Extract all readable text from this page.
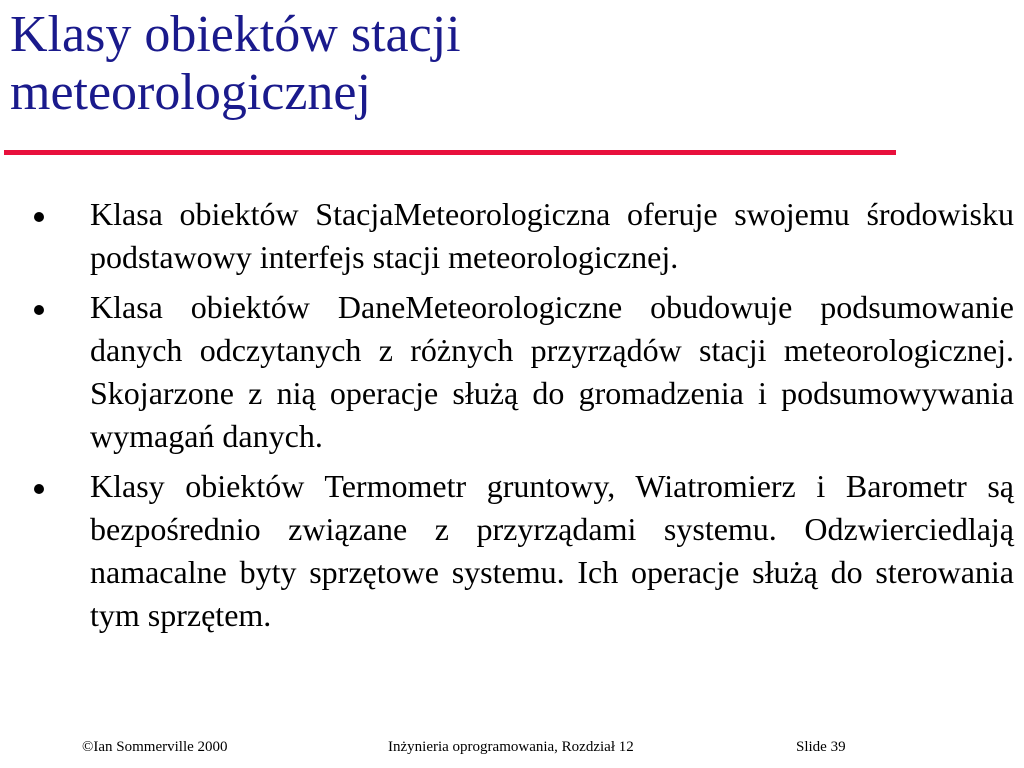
Klasy obiektów stacji
meteorologicznej
Klasa obiektów StacjaMeteorologiczna oferuje swojemu środowisku podstawowy interfejs stacji meteorologicznej.
Klasa obiektów DaneMeteorologiczne obudowuje podsumowanie danych odczytanych z różnych przyrządów stacji meteorologicznej. Skojarzone z nią operacje służą do gromadzenia i podsumowywania wymagań danych.
Klasy obiektów Termometr gruntowy, Wiatromierz i Barometr są bezpośrednio związane z przyrządami systemu. Odzwierciedlają namacalne byty sprzętowe systemu. Ich operacje służą do sterowania tym sprzętem.
©Ian Sommerville 2000	Inżynieria oprogramowania, Rozdział 12	Slide 39
